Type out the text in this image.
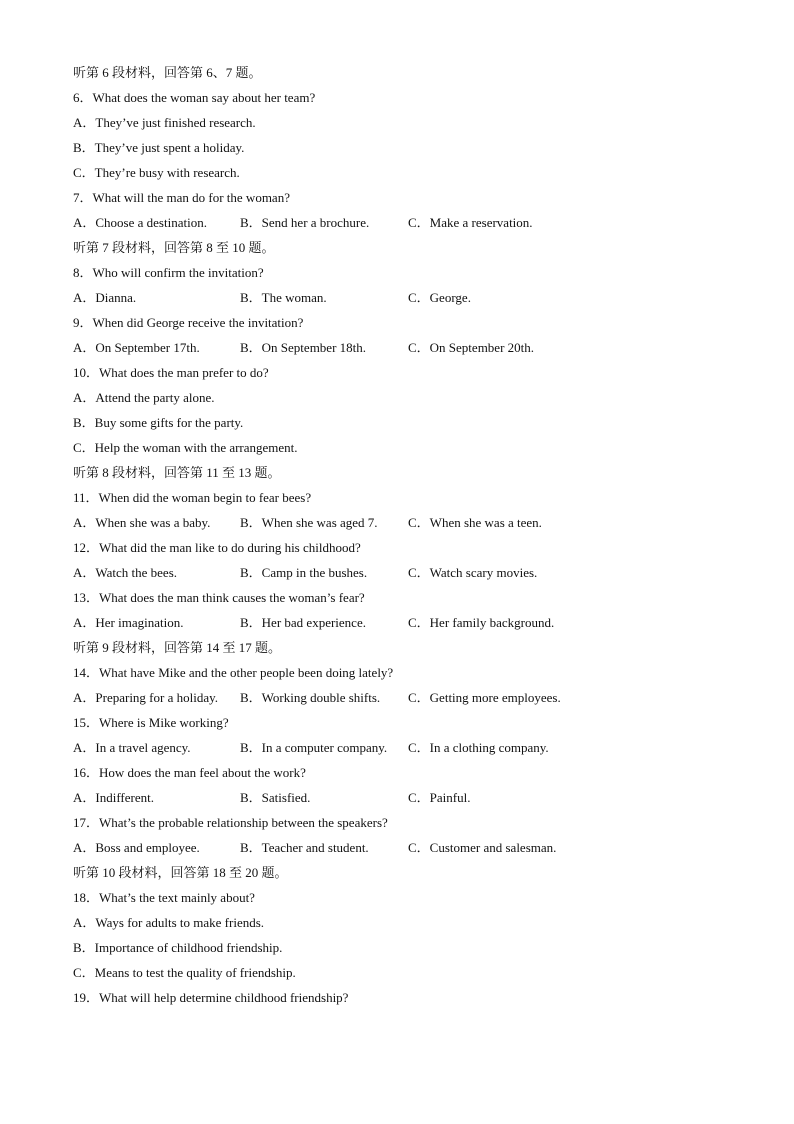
听第 6 段材料，回答第 6、7 题。
6．What does the woman say about her team?
A．They’ve just finished research.
B．They’ve just spent a holiday.
C．They’re busy with research.
7．What will the man do for the woman?
A．Choose a destination.	B．Send her a brochure.	C．Make a reservation.
听第 7 段材料，回答第 8 至 10 题。
8．Who will confirm the invitation?
A．Dianna.	B．The woman.	C．George.
9．When did George receive the invitation?
A．On September 17th.	B．On September 18th.	C．On September 20th.
10．What does the man prefer to do?
A．Attend the party alone.
B．Buy some gifts for the party.
C．Help the woman with the arrangement.
听第 8 段材料，回答第 11 至 13 题。
11．When did the woman begin to fear bees?
A．When she was a baby. B．When she was aged 7. C．When she was a teen.
12．What did the man like to do during his childhood?
A．Watch the bees.	B．Camp in the bushes.	C．Watch scary movies.
13．What does the man think causes the woman’s fear?
A．Her imagination.	B．Her bad experience.	C．Her family background.
听第 9 段材料，回答第 14 至 17 题。
14．What have Mike and the other people been doing lately?
A．Preparing for a holiday. B．Working double shifts. C．Getting more employees.
15．Where is Mike working?
A．In a travel agency.	B．In a computer company. C．In a clothing company.
16．How does the man feel about the work?
A．Indifferent.	B．Satisfied.	C．Painful.
17．What’s the probable relationship between the speakers?
A．Boss and employee.	B．Teacher and student.	C．Customer and salesman.
听第 10 段材料，回答第 18 至 20 题。
18．What’s the text mainly about?
A．Ways for adults to make friends.
B．Importance of childhood friendship.
C．Means to test the quality of friendship.
19．What will help determine childhood friendship?
